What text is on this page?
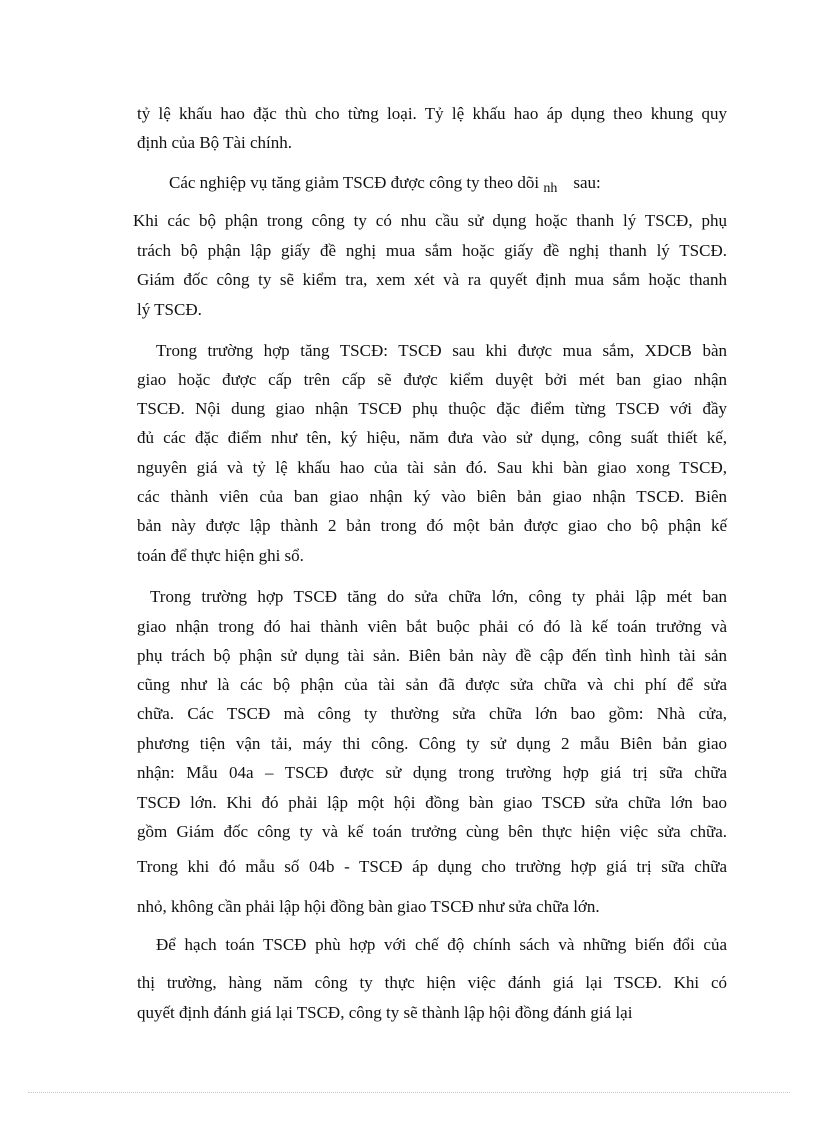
tỷ lệ khấu hao đặc thù cho từng loại. Tỷ lệ khấu hao áp dụng theo khung quy
định của Bộ Tài chính.
Các nghiệp vụ tăng giảm TSCĐ được công ty theo dõi $_{nh}$ sau:
Khi các bộ phận trong công ty có nhu cầu sử dụng hoặc thanh lý TSCĐ, phụ
trách bộ phận lập giấy đề nghị mua sắm hoặc giấy đề nghị thanh lý TSCĐ.
Giám đốc công ty sẽ kiểm tra, xem xét và ra quyết định mua sắm hoặc thanh
lý TSCĐ.
Trong trường hợp tăng TSCĐ: TSCĐ sau khi được mua sắm, XDCB bàn
giao hoặc được cấp trên cấp sẽ được kiểm duyệt bởi mét ban giao nhận
TSCĐ. Nội dung giao nhận TSCĐ phụ thuộc đặc điểm từng TSCĐ với đầy
đủ các đặc điểm như tên, ký hiệu, năm đưa vào sử dụng, công suất thiết kế,
nguyên giá và tỷ lệ khấu hao của tài sản đó. Sau khi bàn giao xong TSCĐ,
các thành viên của ban giao nhận ký vào biên bản giao nhận TSCĐ. Biên
bản này được lập thành 2 bản trong đó một bản được giao cho bộ phận kế
toán để thực hiện ghi sổ.
Trong trường hợp TSCĐ tăng do sửa chữa lớn, công ty phải lập mét ban
giao nhận trong đó hai thành viên bắt buộc phải có đó là kế toán trưởng và
phụ trách bộ phận sử dụng tài sản. Biên bản này đề cập đến tình hình tài sản
cũng như là các bộ phận của tài sản đã được sửa chữa và chi phí để sửa
chữa. Các TSCĐ mà công ty thường sửa chữa lớn bao gồm: Nhà cửa,
phương tiện vận tải, máy thi công. Công ty sử dụng 2 mẫu Biên bản giao
nhận: Mẫu 04a – TSCĐ được sử dụng trong trường hợp giá trị sữa chữa
TSCĐ lớn. Khi đó phải lập một hội đồng bàn giao TSCĐ sửa chữa lớn bao
gồm Giám đốc công ty và kế toán trưởng cùng bên thực hiện việc sửa chữa.
Trong khi đó mẫu số 04b - TSCĐ áp dụng cho trường hợp giá trị sữa chữa
nhỏ, không cần phải lập hội đồng bàn giao TSCĐ như sửa chữa lớn.
Để hạch toán TSCĐ phù hợp với chế độ chính sách và những biến đổi của
thị trường, hàng năm công ty thực hiện việc đánh giá lại TSCĐ. Khi có
quyết định đánh giá lại TSCĐ, công ty sẽ thành lập hội đồng đánh giá lại
